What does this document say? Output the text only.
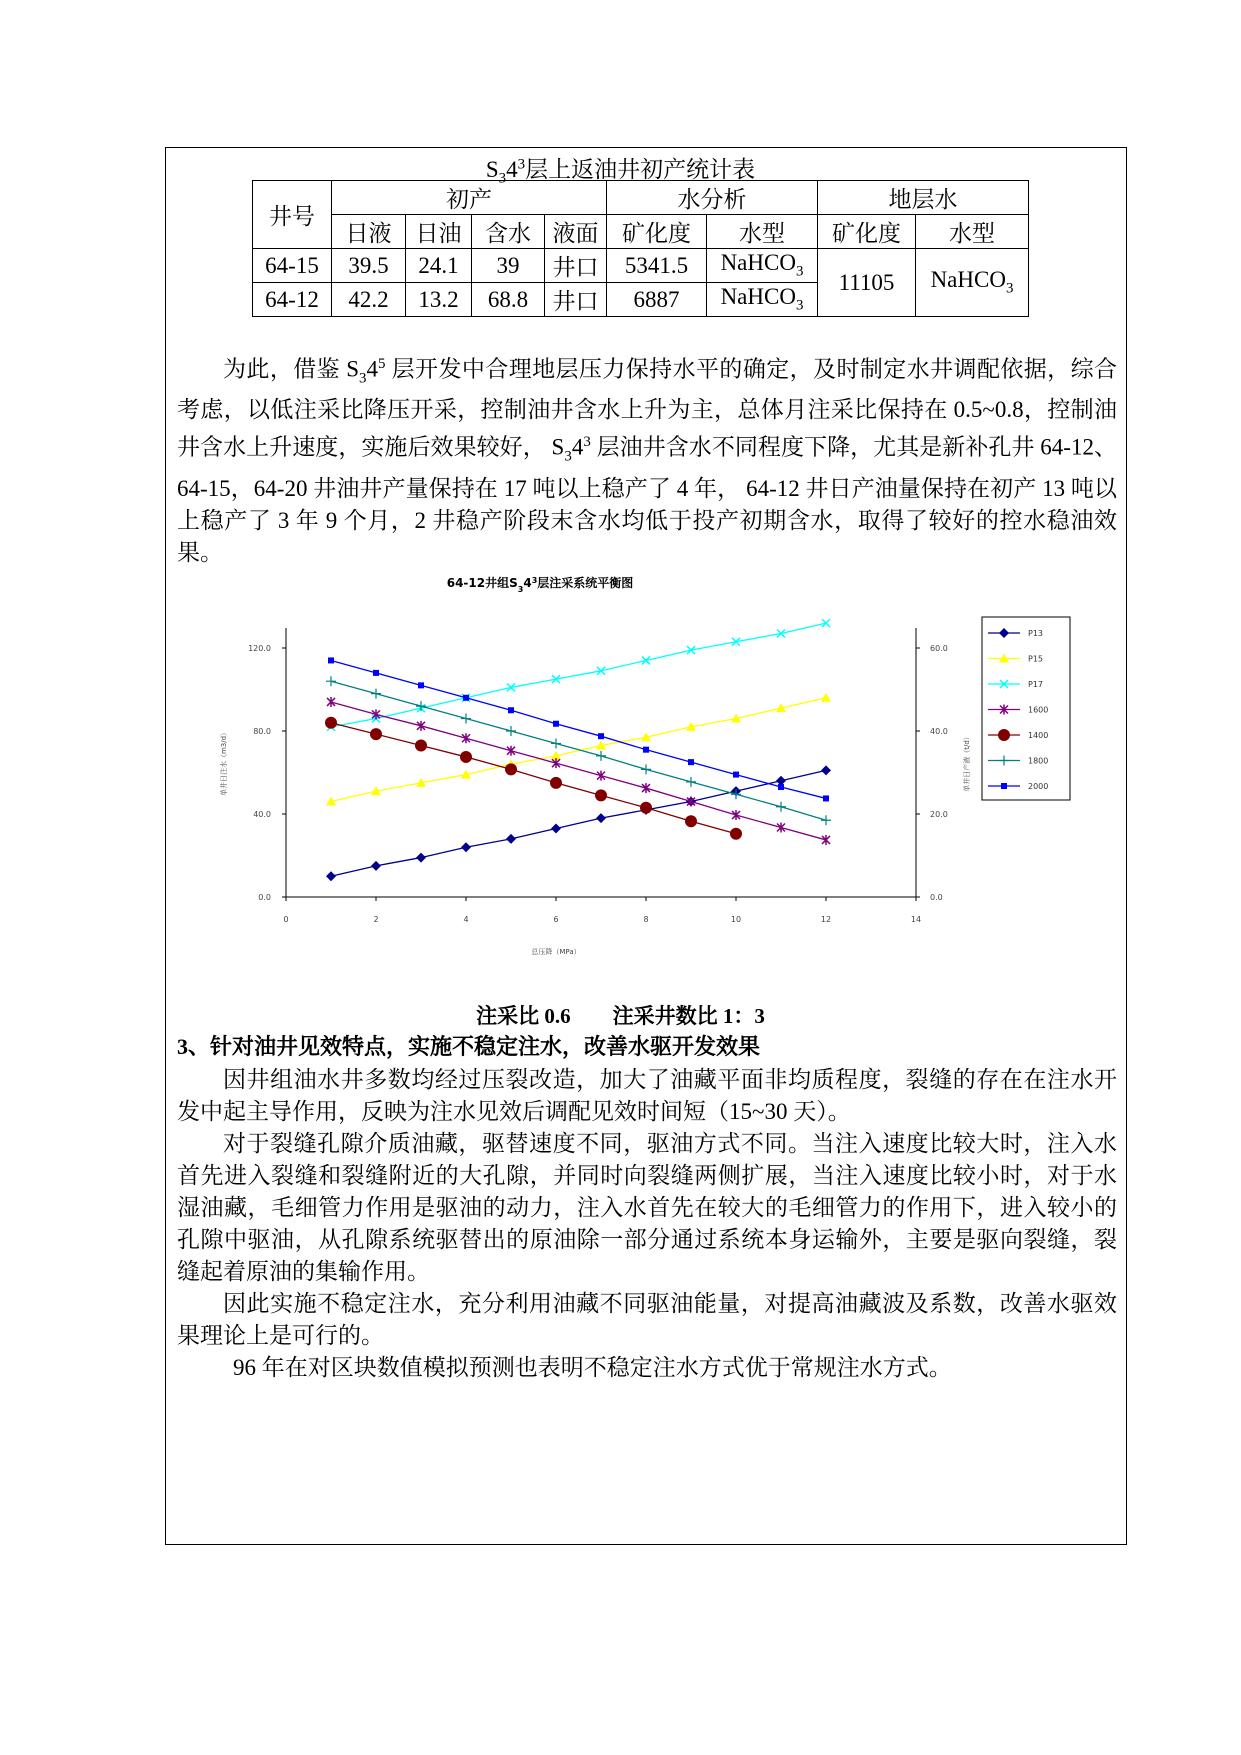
$S_34^3$层上返油井初产统计表
井号	初产				水分析		地层水	
	日液	日油	含水	液面	矿化度	水型	矿化度	水型
64-15	39.5	24.1	39	井口	5341.5	NaHCO$_3$	11105	NaHCO$_3$
64-12	42.2	13.2	68.8	井口	6887	NaHCO$_3$

为此，借鉴 $S_34^5$ 层开发中合理地层压力保持水平的确定，及时制定水井调配依据，综合考虑，以低注采比降压开采，控制油井含水上升为主，总体月注采比保持在 0.5~0.8，控制油井含水上升速度，实施后效果较好， $S_34^3$ 层油井含水不同程度下降，尤其是新补孔井 64-12、64-15，64-20 井油井产量保持在 17 吨以上稳产了 4 年， 64-12 井日产油量保持在初产 13 吨以上稳产了 3 年 9 个月，2 井稳产阶段末含水均低于投产初期含水，取得了较好的控水稳油效果。

64-12井组$S_34^3$层注采系统平衡图
0	2	4	6	8	10	12	14
0.0
40.0
80.0
120.0
0.0
20.0
40.0
60.0
总压降（MPa）
单井日注水（m3/d）	单井日产液（t/d）
P13
P15
P17
1600
1400
1800
2000
注采比 0.6　　注采井数比 1：3
3、针对油井见效特点，实施不稳定注水，改善水驱开发效果

因井组油水井多数均经过压裂改造，加大了油藏平面非均质程度，裂缝的存在在注水开发中起主导作用，反映为注水见效后调配见效时间短（15~30 天）。

对于裂缝孔隙介质油藏，驱替速度不同，驱油方式不同。当注入速度比较大时，注入水首先进入裂缝和裂缝附近的大孔隙，并同时向裂缝两侧扩展，当注入速度比较小时，对于水湿油藏，毛细管力作用是驱油的动力，注入水首先在较大的毛细管力的作用下，进入较小的孔隙中驱油，从孔隙系统驱替出的原油除一部分通过系统本身运输外，主要是驱向裂缝，裂缝起着原油的集输作用。

因此实施不稳定注水，充分利用油藏不同驱油能量，对提高油藏波及系数，改善水驱效果理论上是可行的。

96 年在对区块数值模拟预测也表明不稳定注水方式优于常规注水方式。
